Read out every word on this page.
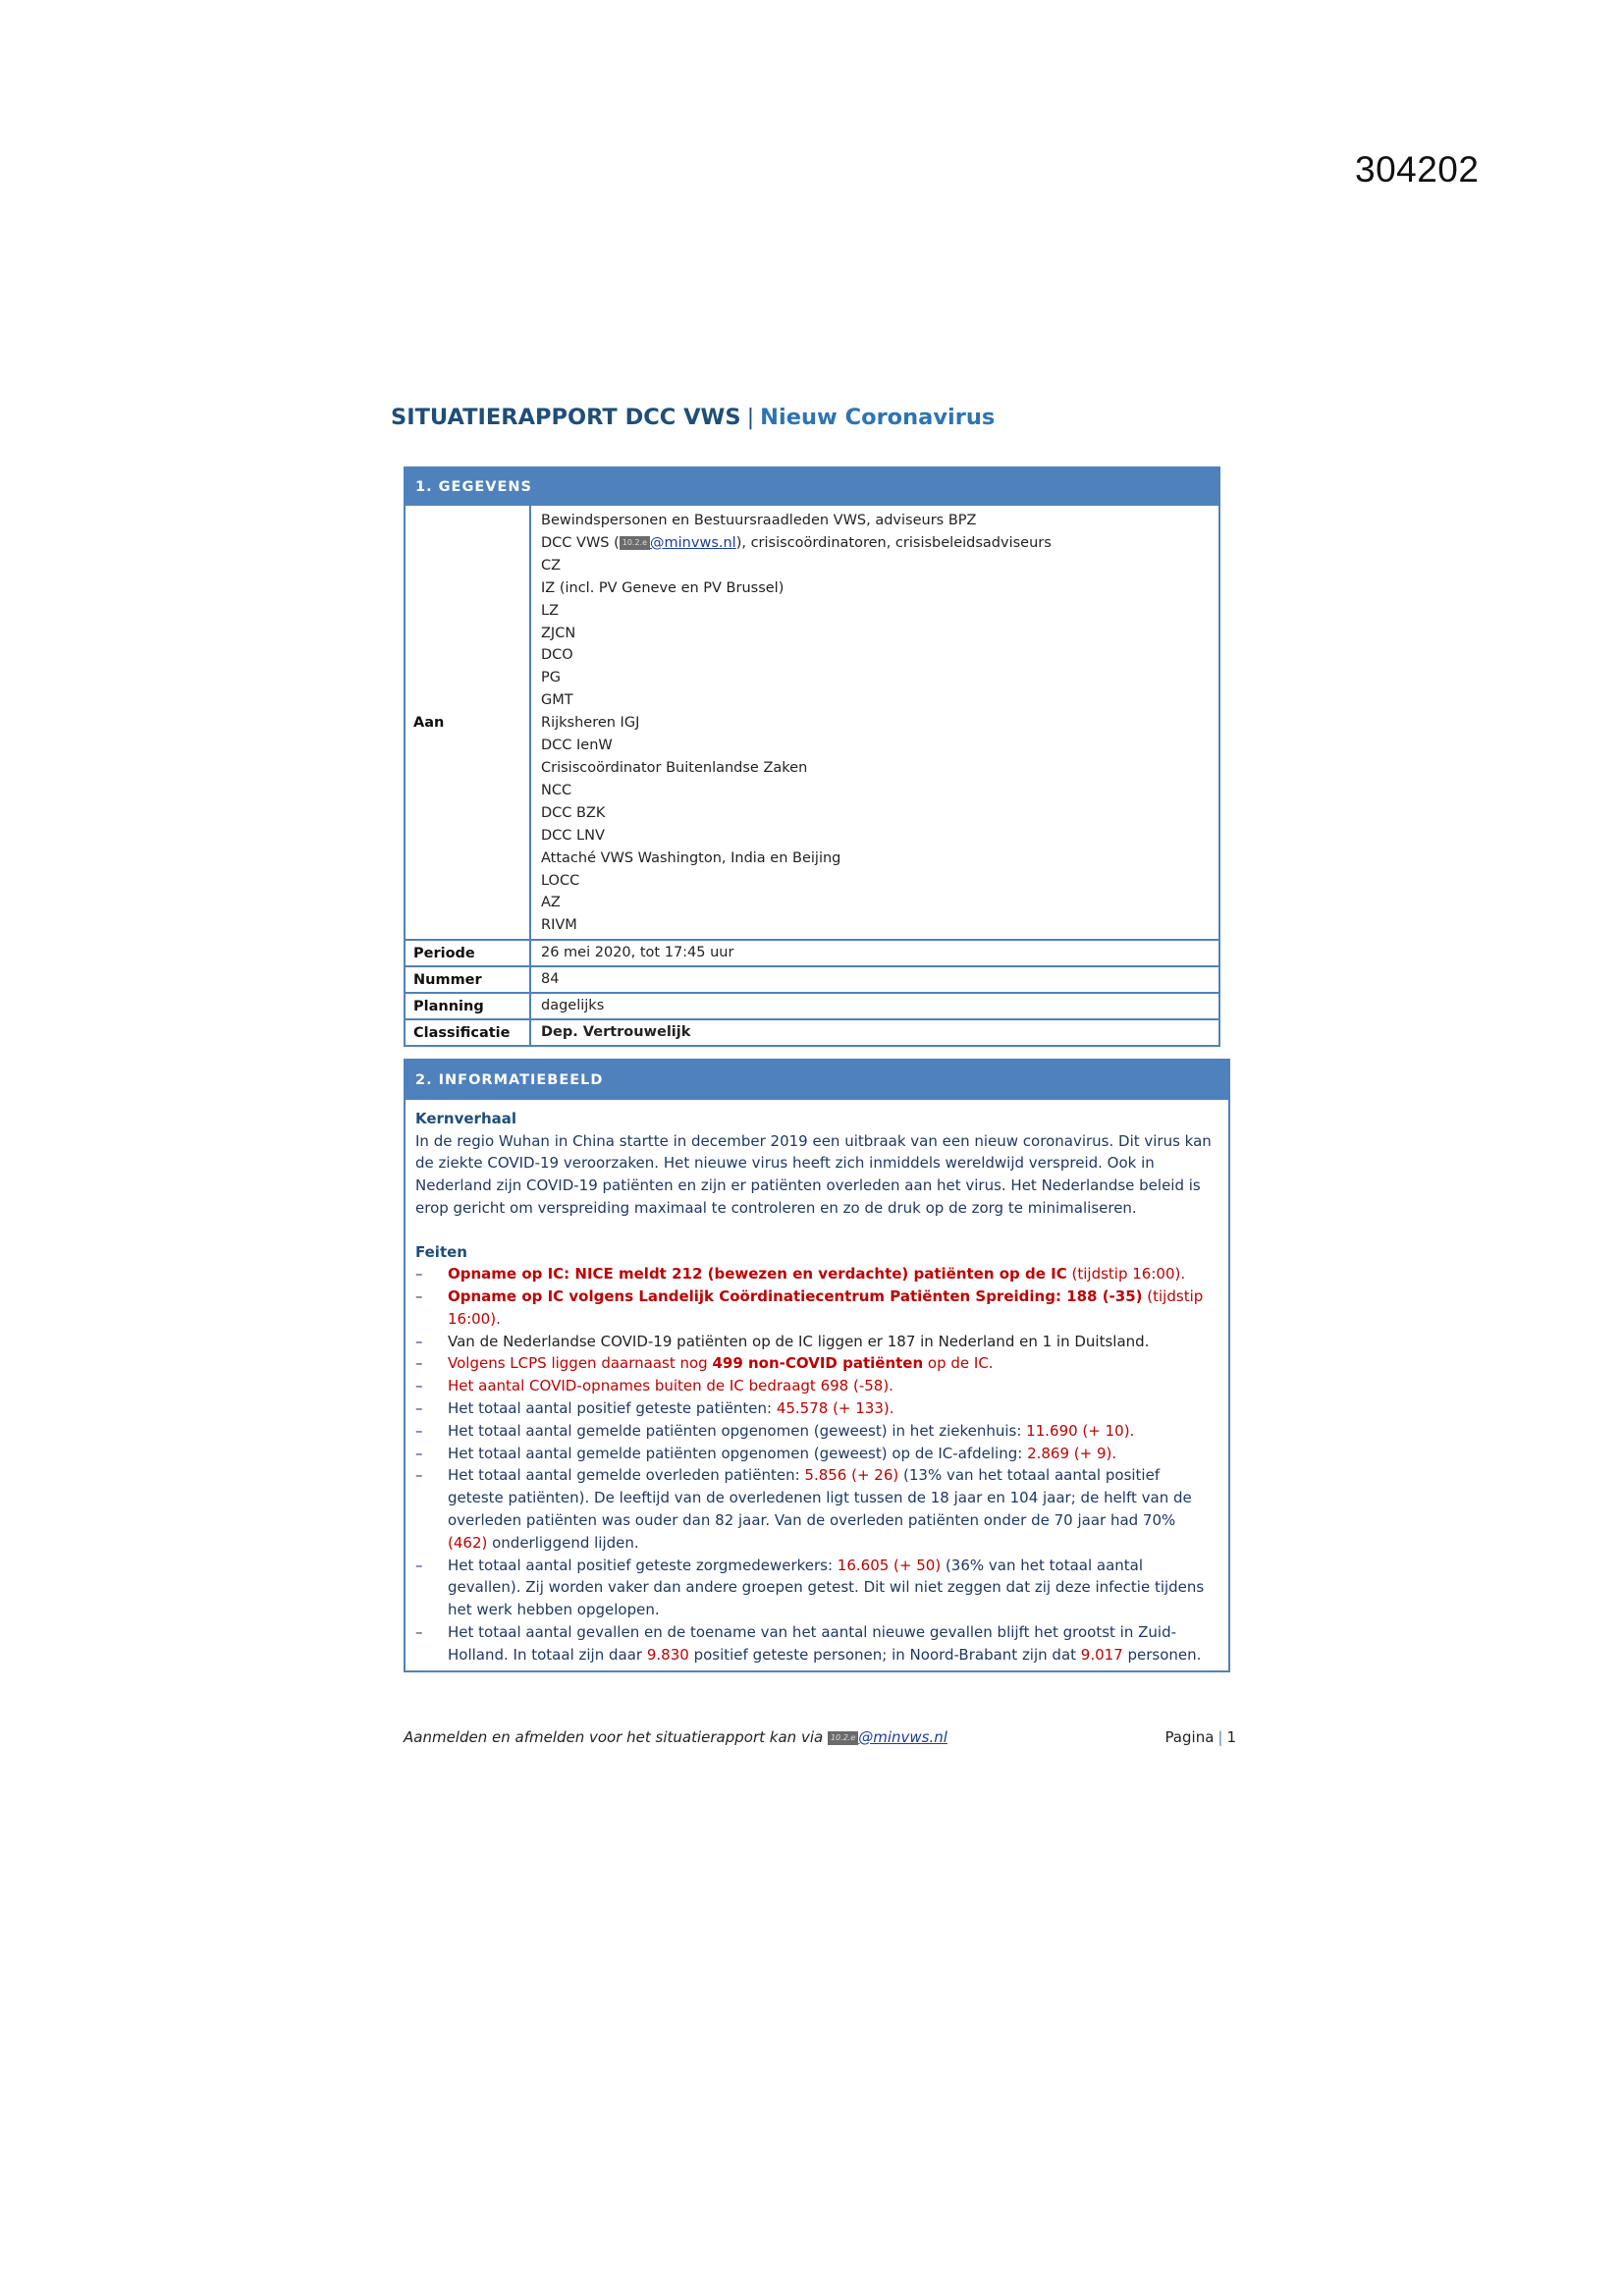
304202
SITUATIERAPPORT DCC VWS | Nieuw Coronavirus
1. GEGEVENS
Aan
Bewindspersonen en Bestuursraadleden VWS, adviseurs BPZ
DCC VWS ( 10.2.e @minvws.nl), crisiscoördinatoren, crisisbeleidsadviseurs
CZ
IZ (incl. PV Geneve en PV Brussel)
LZ
ZJCN
DCO
PG
GMT
Rijksheren IGJ
DCC IenW
Crisiscoördinator Buitenlandse Zaken
NCC
DCC BZK
DCC LNV
Attaché VWS Washington, India en Beijing
LOCC
AZ
RIVM
Periode	26 mei 2020, tot 17:45 uur
Nummer	84
Planning	dagelijks
Classificatie	Dep. Vertrouwelijk
2. INFORMATIEBEELD
Kernverhaal
In de regio Wuhan in China startte in december 2019 een uitbraak van een nieuw coronavirus. Dit virus kan de ziekte COVID-19 veroorzaken. Het nieuwe virus heeft zich inmiddels wereldwijd verspreid. Ook in Nederland zijn COVID-19 patiënten en zijn er patiënten overleden aan het virus. Het Nederlandse beleid is erop gericht om verspreiding maximaal te controleren en zo de druk op de zorg te minimaliseren.
Feiten
– Opname op IC: NICE meldt 212 (bewezen en verdachte) patiënten op de IC (tijdstip 16:00).
– Opname op IC volgens Landelijk Coördinatiecentrum Patiënten Spreiding: 188 (-35) (tijdstip 16:00).
– Van de Nederlandse COVID-19 patiënten op de IC liggen er 187 in Nederland en 1 in Duitsland.
– Volgens LCPS liggen daarnaast nog 499 non-COVID patiënten op de IC.
– Het aantal COVID-opnames buiten de IC bedraagt 698 (-58).
– Het totaal aantal positief geteste patiënten: 45.578 (+ 133).
– Het totaal aantal gemelde patiënten opgenomen (geweest) in het ziekenhuis: 11.690 (+ 10).
– Het totaal aantal gemelde patiënten opgenomen (geweest) op de IC-afdeling: 2.869 (+ 9).
– Het totaal aantal gemelde overleden patiënten: 5.856 (+ 26) (13% van het totaal aantal positief geteste patiënten). De leeftijd van de overledenen ligt tussen de 18 jaar en 104 jaar; de helft van de overleden patiënten was ouder dan 82 jaar. Van de overleden patiënten onder de 70 jaar had 70% (462) onderliggend lijden.
– Het totaal aantal positief geteste zorgmedewerkers: 16.605 (+ 50) (36% van het totaal aantal gevallen). Zij worden vaker dan andere groepen getest. Dit wil niet zeggen dat zij deze infectie tijdens het werk hebben opgelopen.
– Het totaal aantal gevallen en de toename van het aantal nieuwe gevallen blijft het grootst in Zuid-Holland. In totaal zijn daar 9.830 positief geteste personen; in Noord-Brabant zijn dat 9.017 personen.
Aanmelden en afmelden voor het situatierapport kan via 10.2.e @minvws.nl	Pagina | 1
